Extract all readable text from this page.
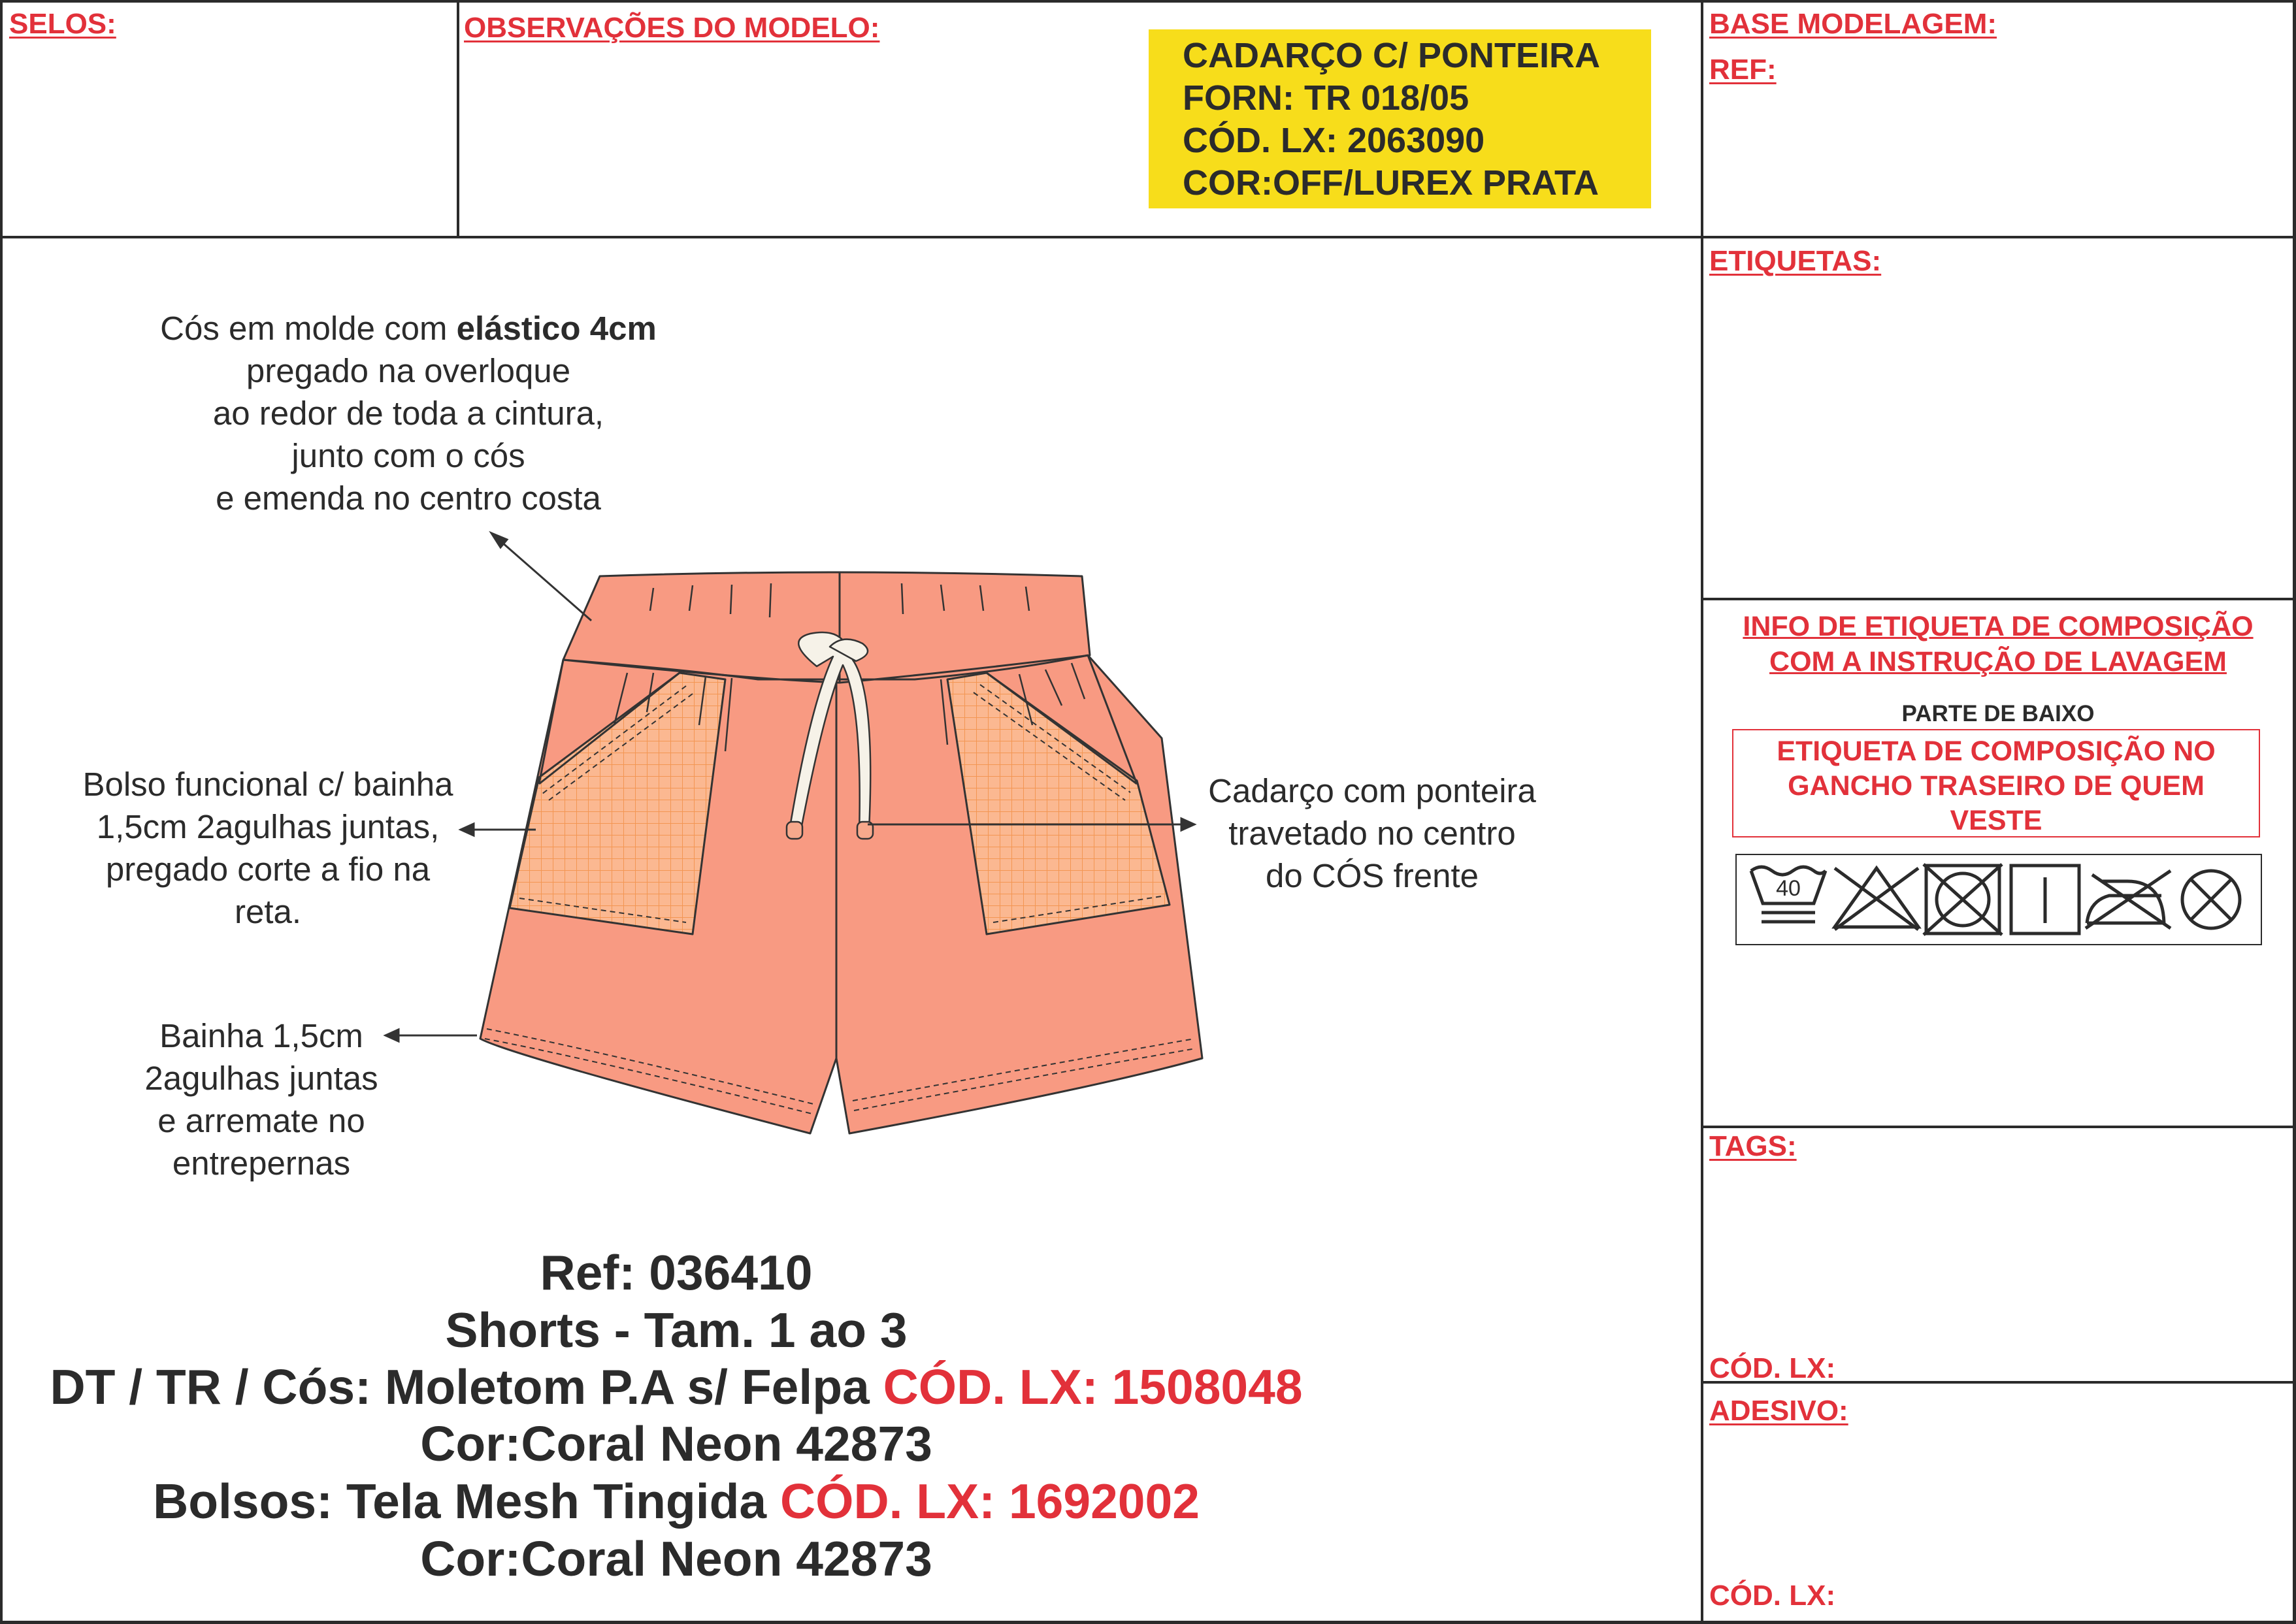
SELOS:	OBSERVAÇÕES DO MODELO:
CADARÇO C/ PONTEIRA
FORN: TR 018/05
CÓD. LX: 2063090
COR:OFF/LUREX PRATA
BASE MODELAGEM:
REF:
ETIQUETAS:
INFO DE ETIQUETA DE COMPOSIÇÃO
COM A INSTRUÇÃO DE LAVAGEM
PARTE DE BAIXO
ETIQUETA DE COMPOSIÇÃO NO
GANCHO TRASEIRO DE QUEM
VESTE
40
TAGS:
CÓD. LX:
ADESIVO:
CÓD. LX:
Cós em molde com elástico 4cm
pregado na overloque
ao redor de toda a cintura,
junto com o cós
e emenda no centro costa
Bolso funcional c/ bainha
1,5cm 2agulhas juntas,
pregado corte a fio na
reta.
Bainha 1,5cm
2agulhas juntas
e arremate no
entrepernas
Cadarço com ponteira
travetado no centro
do CÓS frente
Ref: 036410
Shorts - Tam. 1 ao 3
DT / TR / Cós: Moletom P.A s/ Felpa CÓD. LX: 1508048
Cor:Coral Neon 42873
Bolsos: Tela Mesh Tingida CÓD. LX: 1692002
Cor:Coral Neon 42873
